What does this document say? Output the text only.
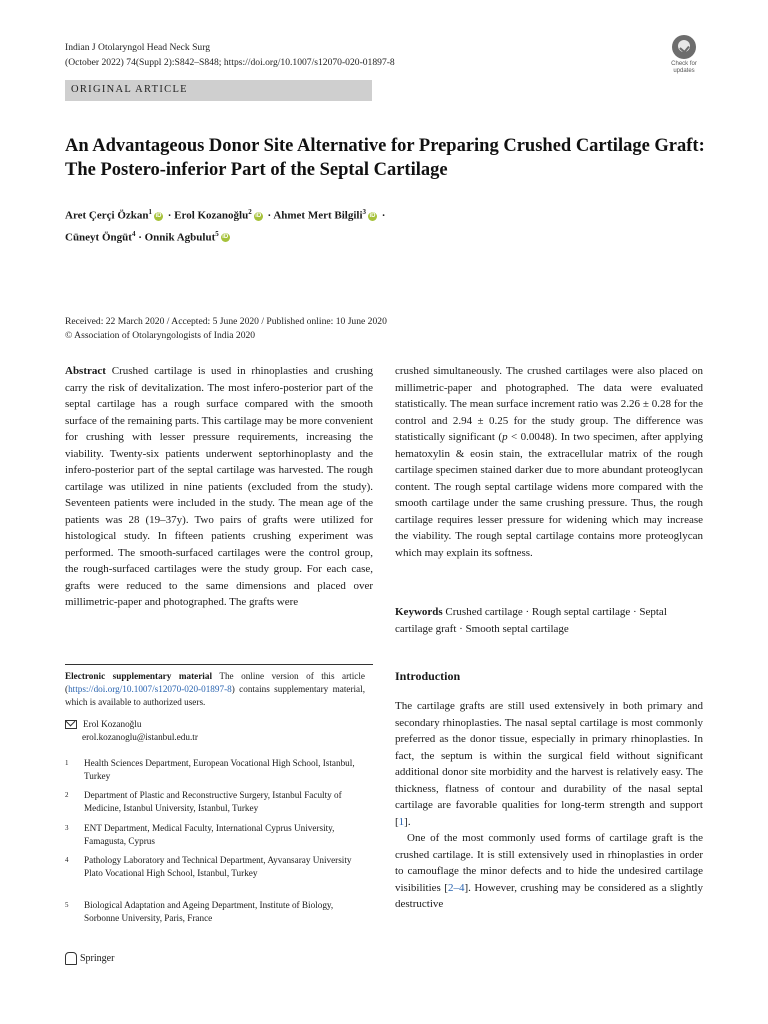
Indian J Otolaryngol Head Neck Surg
(October 2022) 74(Suppl 2):S842–S848; https://doi.org/10.1007/s12070-020-01897-8	Check for
updates
ORIGINAL ARTICLE
An Advantageous Donor Site Alternative for Preparing Crushed Cartilage Graft: The Postero-inferior Part of the Septal Cartilage
Aret Çerçi Özkan$^1$ iD · Erol Kozanoğlu$^2$ iD · Ahmet Mert Bilgili$^3$ iD ·
Cüneyt Öngüt$^4$ · Onnik Agbulut$^5$ iD
Received: 22 March 2020 / Accepted: 5 June 2020 / Published online: 10 June 2020
© Association of Otolaryngologists of India 2020
Abstract Crushed cartilage is used in rhinoplasties and crushing carry the risk of devitalization. The most infero-posterior part of the septal cartilage has a rough surface compared with the smooth surface of the remaining parts. This cartilage may be more convenient for crushing with lesser pressure requirements, increasing the viability. Twenty-six patients underwent septorhinoplasty and the infero-posterior part of the septal cartilage was harvested. The rough cartilage was utilized in nine patients (excluded from the study). Seventeen patients were included in the study. The mean age of the patients was 28 (19–37y). Two pairs of grafts were utilized for histological study. In fifteen patients crushing experiment was performed. The smooth-surfaced cartilages were the control group, the rough-surfaced cartilages were the study group. For each case, grafts were reduced to the same dimensions and placed over millimetric-paper and photographed. The grafts were
crushed simultaneously. The crushed cartilages were also placed on millimetric-paper and photographed. The data were evaluated statistically. The mean surface increment ratio was 2.26 ± 0.28 for the control and 2.94 ± 0.25 for the study group. The difference was statistically significant (p < 0.0048). In two specimen, after applying hematoxylin & eosin stain, the extracellular matrix of the rough cartilage specimen stained darker due to more abundant proteoglycan content. The rough septal cartilage widens more compared with the smooth cartilage under the same crushing pressure. Thus, the rough cartilage requires lesser pressure for widening which may increase the viability. The rough septal cartilage contains more proteoglycan which may explain its softness.
Keywords Crushed cartilage · Rough septal cartilage · Septal cartilage graft · Smooth septal cartilage
Introduction

The cartilage grafts are still used extensively in both primary and secondary rhinoplasties. The nasal septal cartilage is most commonly preferred as the donor tissue, especially in primary rhinoplasties. In fact, the septum is within the surgical field without significant additional donor site morbidity and the harvest is relatively easy. The thickness, flatness of contour and durability of the nasal septal cartilage are favorable qualities for long-term strength and support [1].

One of the most commonly used forms of cartilage graft is the crushed cartilage. It is still extensively used in rhinoplasties in order to camouflage the minor defects and to hide the undesired cartilage visibilities [2–4]. However, crushing may be considered as a slightly destructive

Electronic supplementary material The online version of this article (https://doi.org/10.1007/s12070-020-01897-8) contains supplementary material, which is available to authorized users.
Erol Kozanoğlu
erol.kozanoglu@istanbul.edu.tr
1 Health Sciences Department, European Vocational High School, Istanbul, Turkey
2 Department of Plastic and Reconstructive Surgery, Istanbul Faculty of Medicine, Istanbul University, Istanbul, Turkey
3 ENT Department, Medical Faculty, International Cyprus University, Famagusta, Cyprus
4 Pathology Laboratory and Technical Department, Ayvansaray University Plato Vocational High School, Istanbul, Turkey
5 Biological Adaptation and Ageing Department, Institute of Biology, Sorbonne University, Paris, France
Springer
